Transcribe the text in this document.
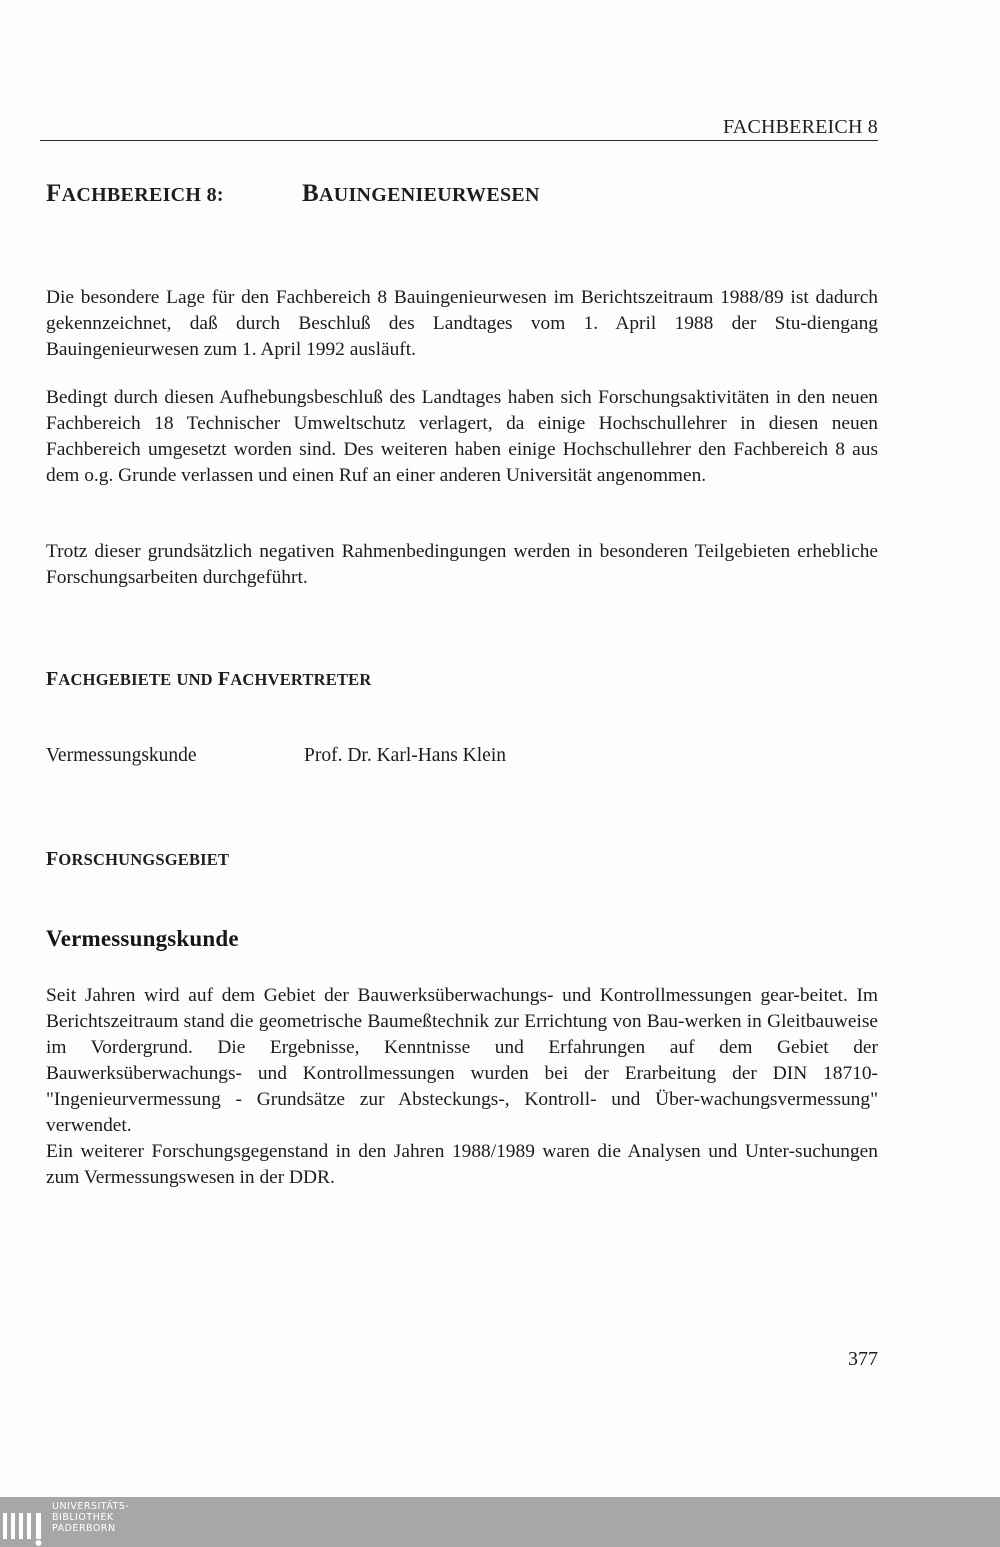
FACHBEREICH 8
FACHBEREICH 8:	BAUINGENIEURWESEN

Die besondere Lage für den Fachbereich 8 Bauingenieurwesen im Berichtszeitraum 1988/89 ist dadurch gekennzeichnet, daß durch Beschluß des Landtages vom 1. April 1988 der Stu-diengang Bauingenieurwesen zum 1. April 1992 ausläuft.

Bedingt durch diesen Aufhebungsbeschluß des Landtages haben sich Forschungsaktivitäten in den neuen Fachbereich 18 Technischer Umweltschutz verlagert, da einige Hochschullehrer in diesen neuen Fachbereich umgesetzt worden sind. Des weiteren haben einige Hochschullehrer den Fachbereich 8 aus dem o.g. Grunde verlassen und einen Ruf an einer anderen Universität angenommen.

Trotz dieser grundsätzlich negativen Rahmenbedingungen werden in besonderen Teilgebieten erhebliche Forschungsarbeiten durchgeführt.

FACHGEBIETE UND FACHVERTRETER
Vermessungskunde	Prof. Dr. Karl-Hans Klein
FORSCHUNGSGEBIET
Vermessungskunde
Seit Jahren wird auf dem Gebiet der Bauwerksüberwachungs- und Kontrollmessungen gear-beitet. Im Berichtszeitraum stand die geometrische Baumeßtechnik zur Errichtung von Bau-werken in Gleitbauweise im Vordergrund. Die Ergebnisse, Kenntnisse und Erfahrungen auf dem Gebiet der Bauwerksüberwachungs- und Kontrollmessungen wurden bei der Erarbeitung der DIN 18710- "Ingenieurvermessung - Grundsätze zur Absteckungs-, Kontroll- und Über-wachungsvermessung" verwendet.
Ein weiterer Forschungsgegenstand in den Jahren 1988/1989 waren die Analysen und Unter-suchungen zum Vermessungswesen in der DDR.
377
UNIVERSITÄTS-
BIBLIOTHEK
PADERBORN
